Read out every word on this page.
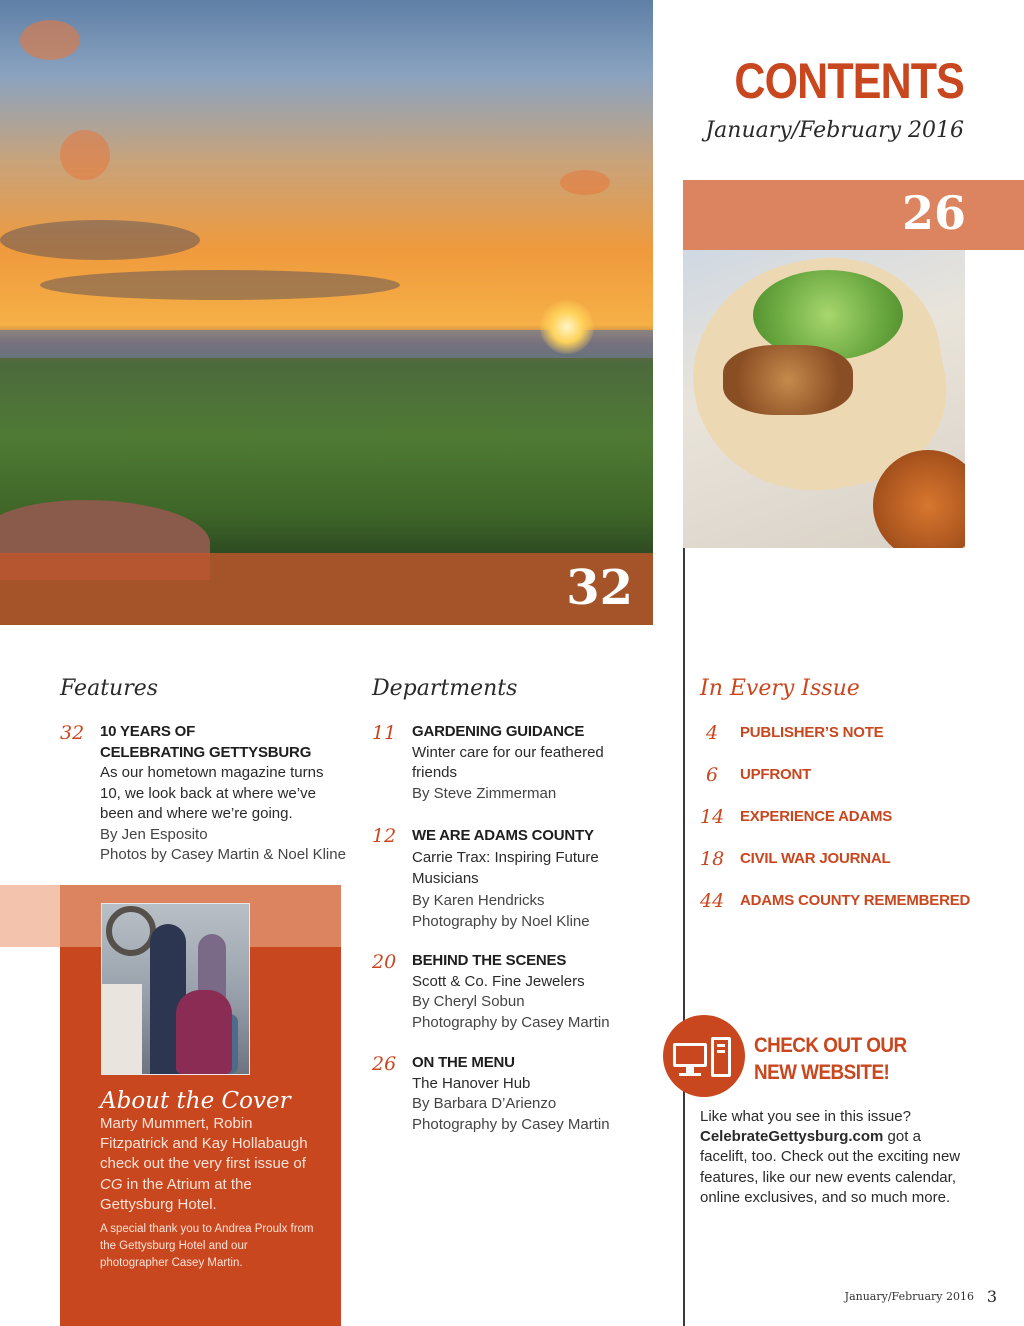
32
CONTENTS
January/February 2016
26
Features
32 10 YEARS OF
CELEBRATING GETTYSBURG
As our hometown magazine turns
10, we look back at where we’ve
been and where we’re going.
By Jen Esposito
Photos by Casey Martin & Noel Kline
Departments
11 GARDENING GUIDANCE
Winter care for our feathered
friends
By Steve Zimmerman
12 WE ARE ADAMS COUNTY
Carrie Trax: Inspiring Future
Musicians
By Karen Hendricks
Photography by Noel Kline
20 BEHIND THE SCENES
Scott & Co. Fine Jewelers
By Cheryl Sobun
Photography by Casey Martin
26 ON THE MENU
The Hanover Hub
By Barbara D’Arienzo
Photography by Casey Martin
In Every Issue
4	PUBLISHER’S NOTE
6	UPFRONT
14 EXPERIENCE ADAMS
18 CIVIL WAR JOURNAL
44 ADAMS COUNTY REMEMBERED
About the Cover
Marty Mummert, Robin Fitzpatrick and Kay Hollabaugh check out the very first issue of CG in the Atrium at the Gettysburg Hotel.
A special thank you to Andrea Proulx from the Gettysburg Hotel and our photographer Casey Martin.
CHECK OUT OUR
NEW WEBSITE!
Like what you see in this issue? CelebrateGettysburg.com got a facelift, too. Check out the exciting new features, like our new events calendar, online exclusives, and so much more.
January/February 2016 3
